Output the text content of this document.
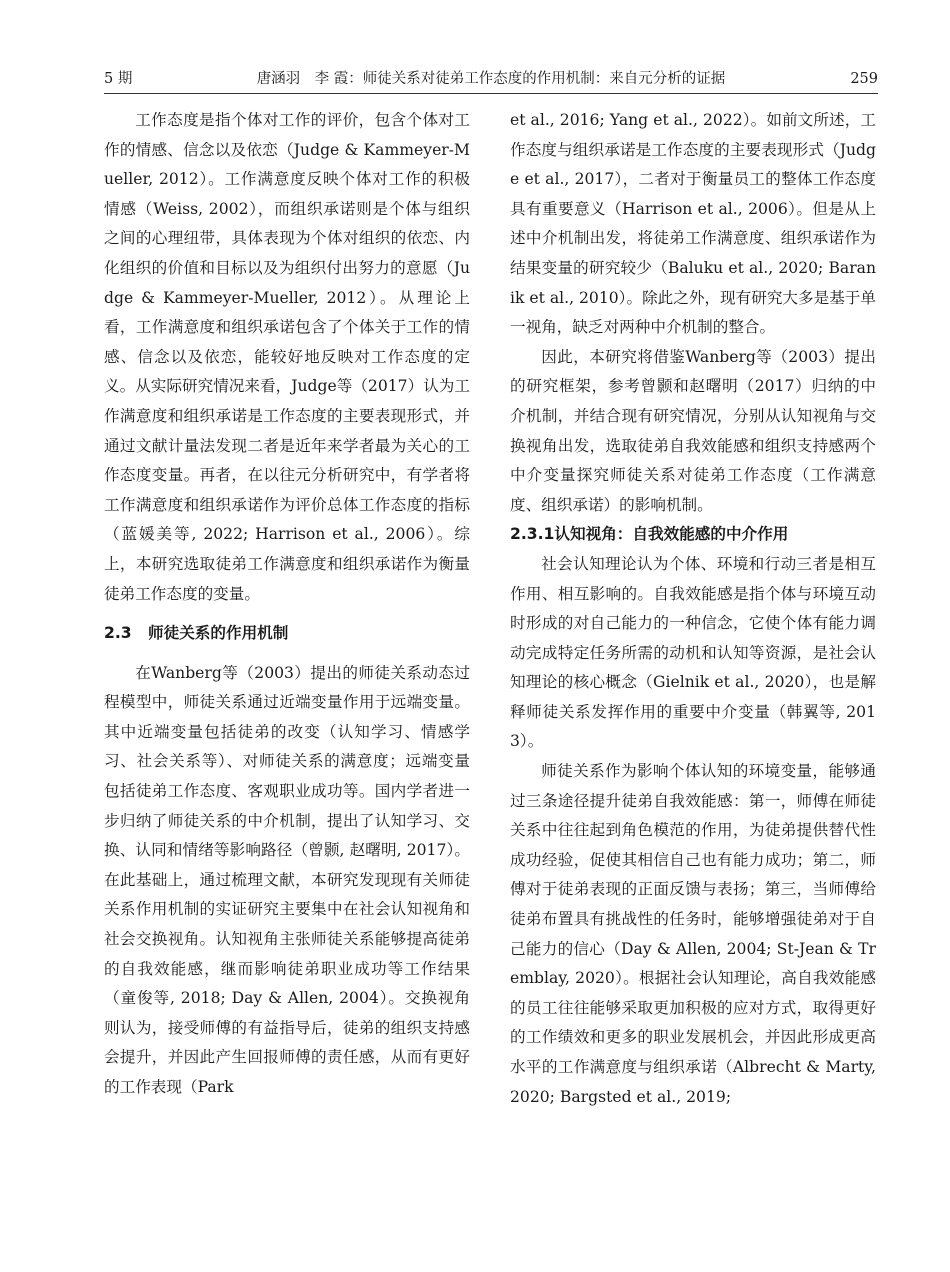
5 期	唐涵羽　李 霞：师徒关系对徒弟工作态度的作用机制：来自元分析的证据	259

工作态度是指个体对工作的评价，包含个体对工作的情感、信念以及依恋（Judge & Kammeyer-Mueller, 2012）。工作满意度反映个体对工作的积极情感（Weiss, 2002），而组织承诺则是个体与组织之间的心理纽带，具体表现为个体对组织的依恋、内化组织的价值和目标以及为组织付出努力的意愿（Judge & Kammeyer-Mueller, 2012）。从理论上看，工作满意度和组织承诺包含了个体关于工作的情感、信念以及依恋，能较好地反映对工作态度的定义。从实际研究情况来看，Judge等（2017）认为工作满意度和组织承诺是工作态度的主要表现形式，并通过文献计量法发现二者是近年来学者最为关心的工作态度变量。再者，在以往元分析研究中，有学者将工作满意度和组织承诺作为评价总体工作态度的指标（蓝媛美等, 2022; Harrison et al., 2006）。综上，本研究选取徒弟工作满意度和组织承诺作为衡量徒弟工作态度的变量。

2.3 师徒关系的作用机制

在Wanberg等（2003）提出的师徒关系动态过程模型中，师徒关系通过近端变量作用于远端变量。其中近端变量包括徒弟的改变（认知学习、情感学习、社会关系等）、对师徒关系的满意度；远端变量包括徒弟工作态度、客观职业成功等。国内学者进一步归纳了师徒关系的中介机制，提出了认知学习、交换、认同和情绪等影响路径（曾颢, 赵曙明, 2017）。在此基础上，通过梳理文献，本研究发现现有关师徒关系作用机制的实证研究主要集中在社会认知视角和社会交换视角。认知视角主张师徒关系能够提高徒弟的自我效能感，继而影响徒弟职业成功等工作结果（童俊等, 2018; Day & Allen, 2004）。交换视角则认为，接受师傅的有益指导后，徒弟的组织支持感会提升，并因此产生回报师傅的责任感，从而有更好的工作表现（Park

et al., 2016; Yang et al., 2022）。如前文所述，工作态度与组织承诺是工作态度的主要表现形式（Judge et al., 2017），二者对于衡量员工的整体工作态度具有重要意义（Harrison et al., 2006）。但是从上述中介机制出发，将徒弟工作满意度、组织承诺作为结果变量的研究较少（Baluku et al., 2020; Baranik et al., 2010）。除此之外，现有研究大多是基于单一视角，缺乏对两种中介机制的整合。

因此，本研究将借鉴Wanberg等（2003）提出的研究框架，参考曾颢和赵曙明（2017）归纳的中介机制，并结合现有研究情况，分别从认知视角与交换视角出发，选取徒弟自我效能感和组织支持感两个中介变量探究师徒关系对徒弟工作态度（工作满意度、组织承诺）的影响机制。

2.3.1认知视角：自我效能感的中介作用

社会认知理论认为个体、环境和行动三者是相互作用、相互影响的。自我效能感是指个体与环境互动时形成的对自己能力的一种信念，它使个体有能力调动完成特定任务所需的动机和认知等资源，是社会认知理论的核心概念（Gielnik et al., 2020），也是解释师徒关系发挥作用的重要中介变量（韩翼等, 2013）。

师徒关系作为影响个体认知的环境变量，能够通过三条途径提升徒弟自我效能感：第一，师傅在师徒关系中往往起到角色模范的作用，为徒弟提供替代性成功经验，促使其相信自己也有能力成功；第二，师傅对于徒弟表现的正面反馈与表扬；第三，当师傅给徒弟布置具有挑战性的任务时，能够增强徒弟对于自己能力的信心（Day & Allen, 2004; St-Jean & Tremblay, 2020）。根据社会认知理论，高自我效能感的员工往往能够采取更加积极的应对方式，取得更好的工作绩效和更多的职业发展机会，并因此形成更高水平的工作满意度与组织承诺（Albrecht & Marty, 2020; Bargsted et al., 2019;
